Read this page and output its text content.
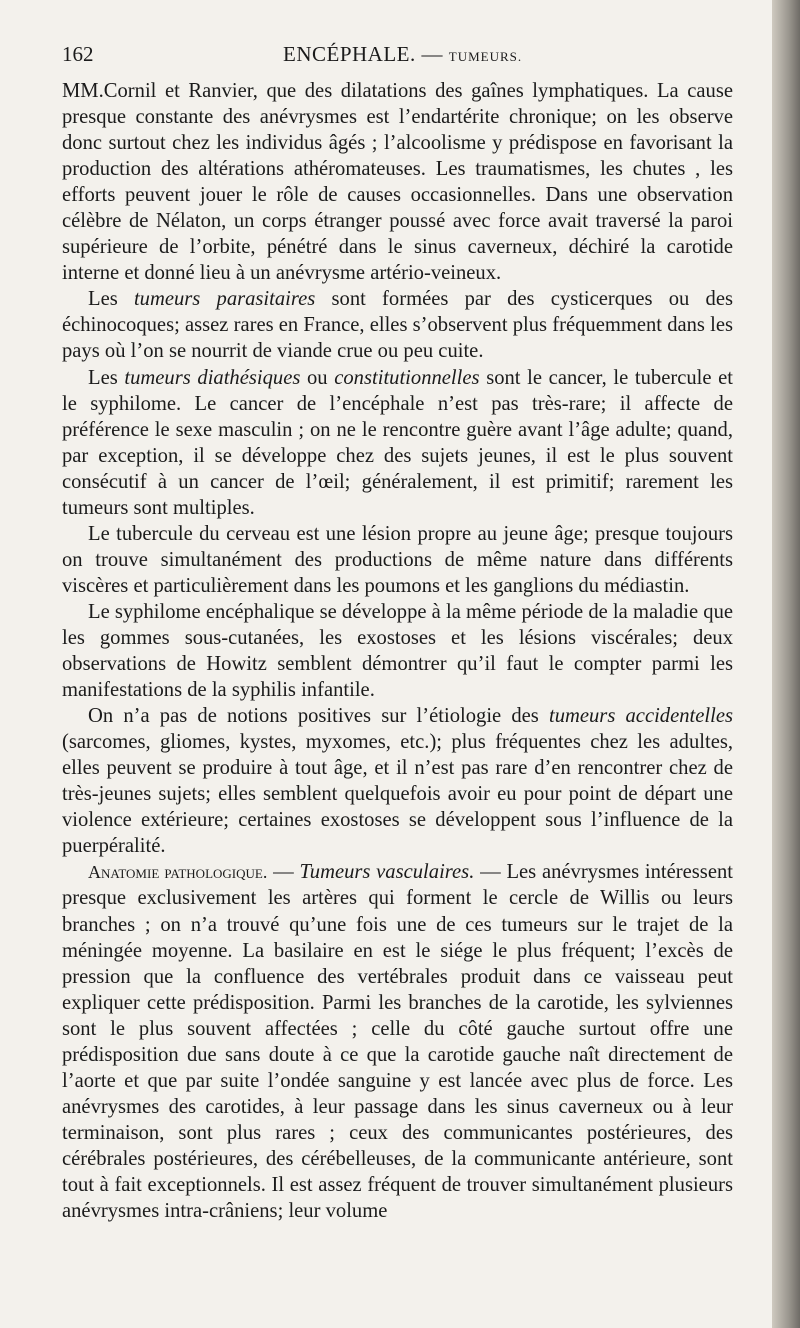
162	ENCÉPHALE. — TUMEURS.

MM.Cornil et Ranvier, que des dilatations des gaînes lymphatiques. La cause presque constante des anévrysmes est l’endartérite chronique; on les observe donc surtout chez les individus âgés ; l’alcoolisme y prédispose en favorisant la production des altérations athéromateuses. Les traumatismes, les chutes , les efforts peuvent jouer le rôle de causes occasionnelles. Dans une observation célèbre de Nélaton, un corps étranger poussé avec force avait traversé la paroi supérieure de l’orbite, pénétré dans le sinus caverneux, déchiré la carotide interne et donné lieu à un anévrysme artério-veineux.

Les tumeurs parasitaires sont formées par des cysticerques ou des échinocoques; assez rares en France, elles s’observent plus fréquemment dans les pays où l’on se nourrit de viande crue ou peu cuite.

Les tumeurs diathésiques ou constitutionnelles sont le cancer, le tubercule et le syphilome. Le cancer de l’encéphale n’est pas très-rare; il affecte de préférence le sexe masculin ; on ne le rencontre guère avant l’âge adulte; quand, par exception, il se développe chez des sujets jeunes, il est le plus souvent consécutif à un cancer de l’œil; généralement, il est primitif; rarement les tumeurs sont multiples.

Le tubercule du cerveau est une lésion propre au jeune âge; presque toujours on trouve simultanément des productions de même nature dans différents viscères et particulièrement dans les poumons et les ganglions du médiastin.

Le syphilome encéphalique se développe à la même période de la maladie que les gommes sous-cutanées, les exostoses et les lésions viscérales; deux observations de Howitz semblent démontrer qu’il faut le compter parmi les manifestations de la syphilis infantile.

On n’a pas de notions positives sur l’étiologie des tumeurs accidentelles (sarcomes, gliomes, kystes, myxomes, etc.); plus fréquentes chez les adultes, elles peuvent se produire à tout âge, et il n’est pas rare d’en rencontrer chez de très-jeunes sujets; elles semblent quelquefois avoir eu pour point de départ une violence extérieure; certaines exostoses se développent sous l’influence de la puerpéralité.

Anatomie pathologique. — Tumeurs vasculaires. — Les anévrysmes intéressent presque exclusivement les artères qui forment le cercle de Willis ou leurs branches ; on n’a trouvé qu’une fois une de ces tumeurs sur le trajet de la méningée moyenne. La basilaire en est le siége le plus fréquent; l’excès de pression que la confluence des vertébrales produit dans ce vaisseau peut expliquer cette prédisposition. Parmi les branches de la carotide, les sylviennes sont le plus souvent affectées ; celle du côté gauche surtout offre une prédisposition due sans doute à ce que la carotide gauche naît directement de l’aorte et que par suite l’ondée sanguine y est lancée avec plus de force. Les anévrysmes des carotides, à leur passage dans les sinus caverneux ou à leur terminaison, sont plus rares ; ceux des communicantes postérieures, des cérébrales postérieures, des cérébelleuses, de la communicante antérieure, sont tout à fait exceptionnels. Il est assez fréquent de trouver simultanément plusieurs anévrysmes intra-crâniens; leur volume
